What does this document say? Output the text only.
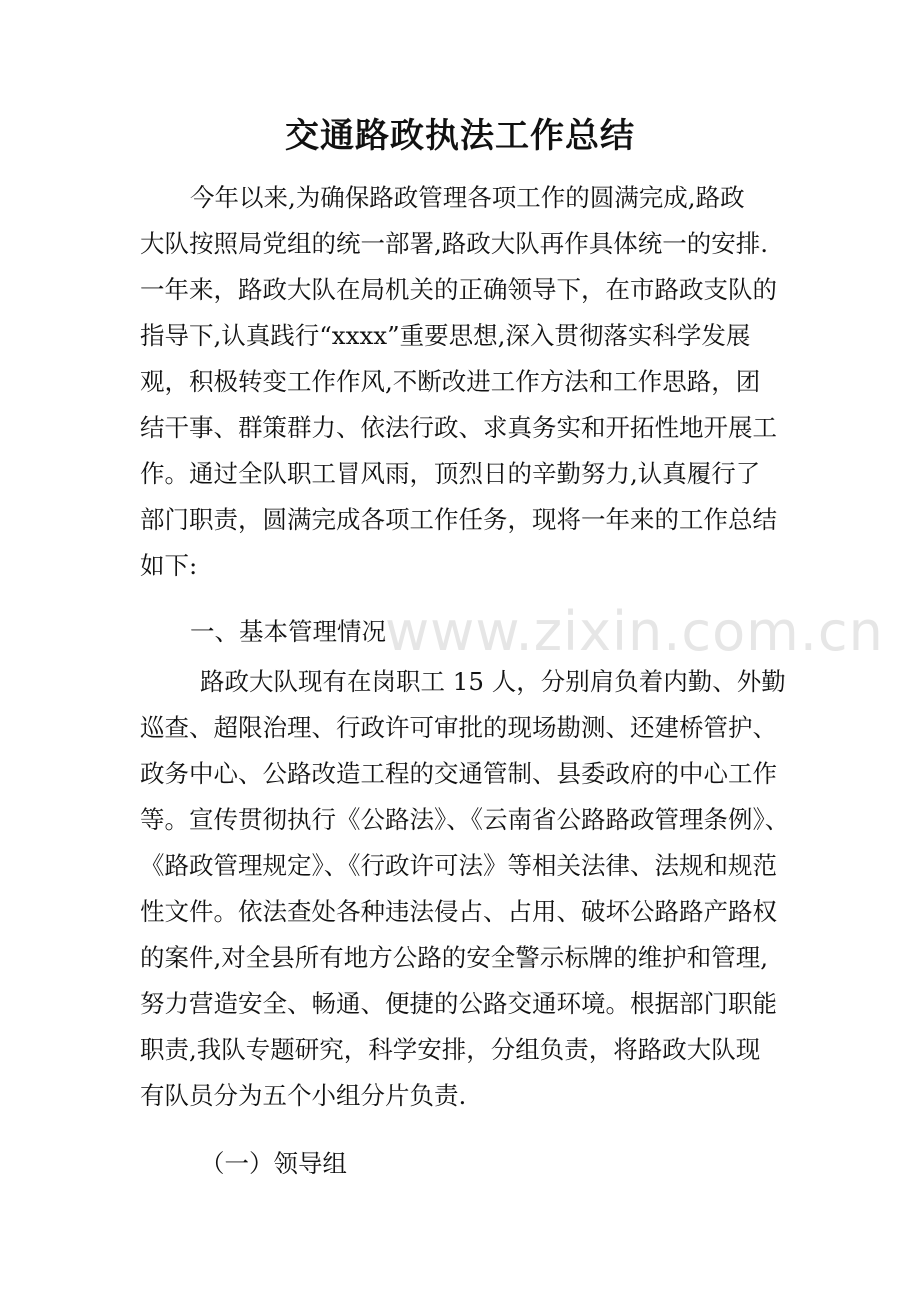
www.zixin.com.cn
交通路政执法工作总结
今年以来,为确保路政管理各项工作的圆满完成,路政
大队按照局党组的统一部署,路政大队再作具体统一的安排.
一年来，路政大队在局机关的正确领导下，在市路政支队的
指导下,认真践行“xxxx”重要思想,深入贯彻落实科学发展
观，积极转变工作作风,不断改进工作方法和工作思路，团
结干事、群策群力、依法行政、求真务实和开拓性地开展工
作。通过全队职工冒风雨，顶烈日的辛勤努力,认真履行了
部门职责，圆满完成各项工作任务，现将一年来的工作总结
如下:
一、基本管理情况
路政大队现有在岗职工 15 人，分别肩负着内勤、外勤
巡查、超限治理、行政许可审批的现场勘测、还建桥管护、
政务中心、公路改造工程的交通管制、县委政府的中心工作
等。宣传贯彻执行《公路法》、《云南省公路路政管理条例》、
《路政管理规定》、《行政许可法》等相关法律、法规和规范
性文件。依法查处各种违法侵占、占用、破坏公路路产路权
的案件,对全县所有地方公路的安全警示标牌的维护和管理,
努力营造安全、畅通、便捷的公路交通环境。根据部门职能
职责,我队专题研究，科学安排，分组负责，将路政大队现
有队员分为五个小组分片负责.
（一）领导组
